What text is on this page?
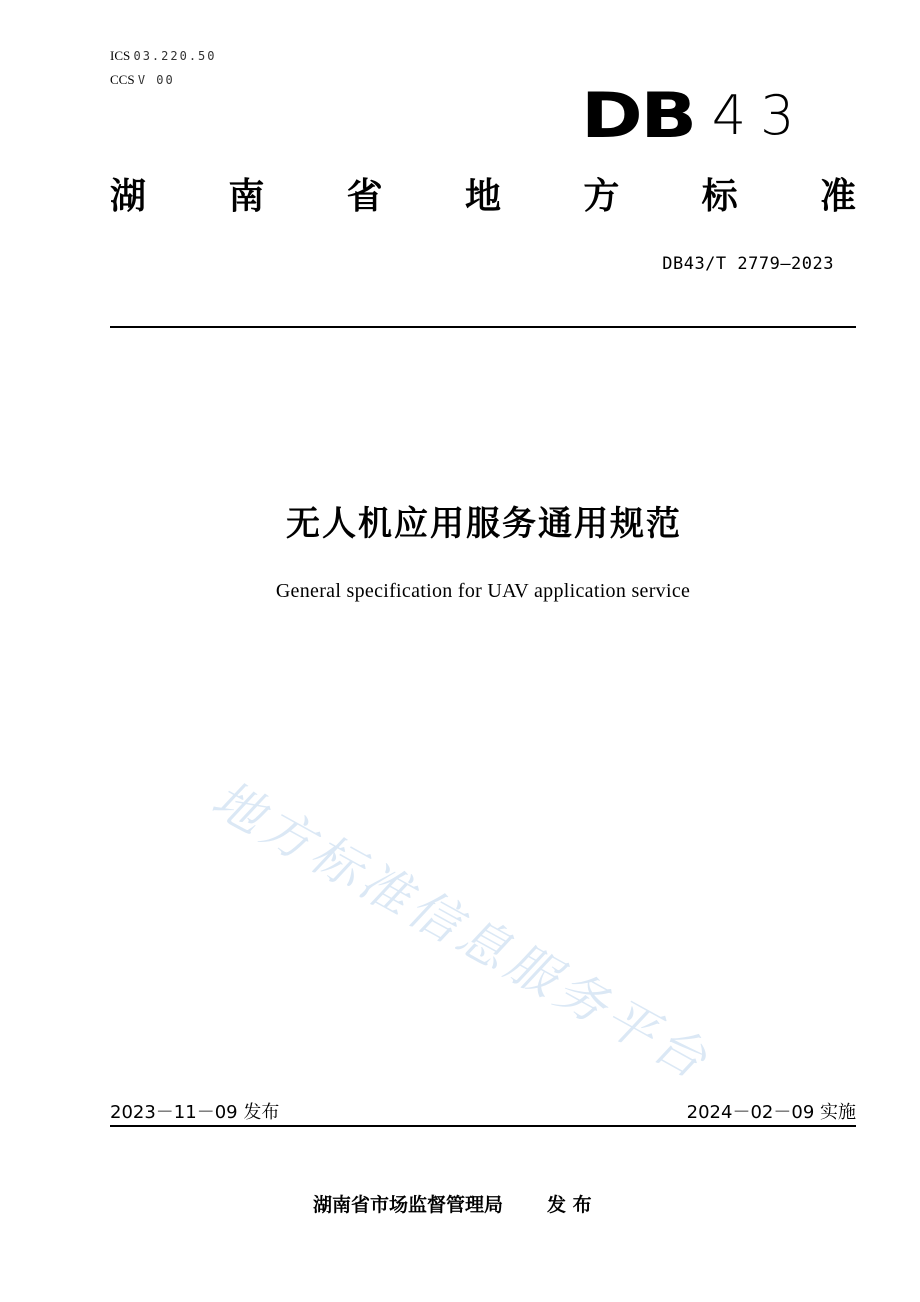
ICS 03.220.50
CCS V 00	DB 43
湖 南 省 地 方 标 准
DB43/T 2779—2023
无人机应用服务通用规范
General specification for UAV application service
地方标准信息服务平台
2023－11－09 发布	2024－02－09 实施
湖南省市场监督管理局 发 布
